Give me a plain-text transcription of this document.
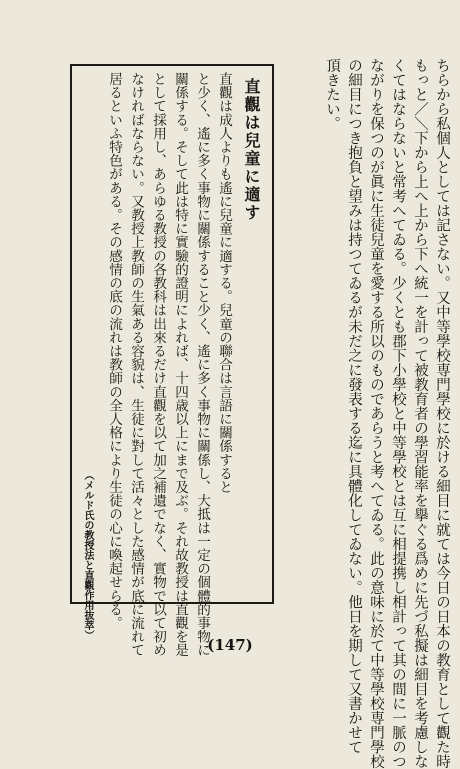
ちらから私個人としては記さない。又中等學校専門學校に於ける細目に就ては今日の日本の教育として觀た時
もっと／＼下から上へ上から下へ統一を計って被教育者の學習能率を擧ぐる爲めに先づ私擬は細目を考慮しな
くてはならないと常考へてゐる。少くとも郡下小學校と中等學校とは互に相提携し相計って其の間に一脈のつ
ながりを保つのが眞に生徒兒童を愛する所以のものであらうと考へてゐる。此の意味に於て中等學校専門學校
の細目につき抱負と望みは持つてゐるが未だ之に發表する迄に具體化してゐない。他日を期して又書かせて
頂きたい。
直觀は兒童に適す
直觀は成人よりも遙に兒童に適する。兒童の聯合は言語に關係すると
と少く、遙に多く事物に關係すること少く、遙に多く事物に關係し、大抵は一定の個體的事物に
關係する。そして此は特に實驗的證明によれば、十四歳以上にまで及ぶ。それ故教授は直觀を是
として採用し、あらゆる教授の各教科は出來るだけ直觀を以て加之補遺でなく、實物で以て初め
なければならない。又教授上教師の生氣ある容貌は、生徒に對して活々とした感情が底に流れて
居るといふ特色がある。その感情の底の流れは教師の全人格により生徒の心に喚起せらる。
（メルド氏の教授法と直觀作用抜萃）
(147)
